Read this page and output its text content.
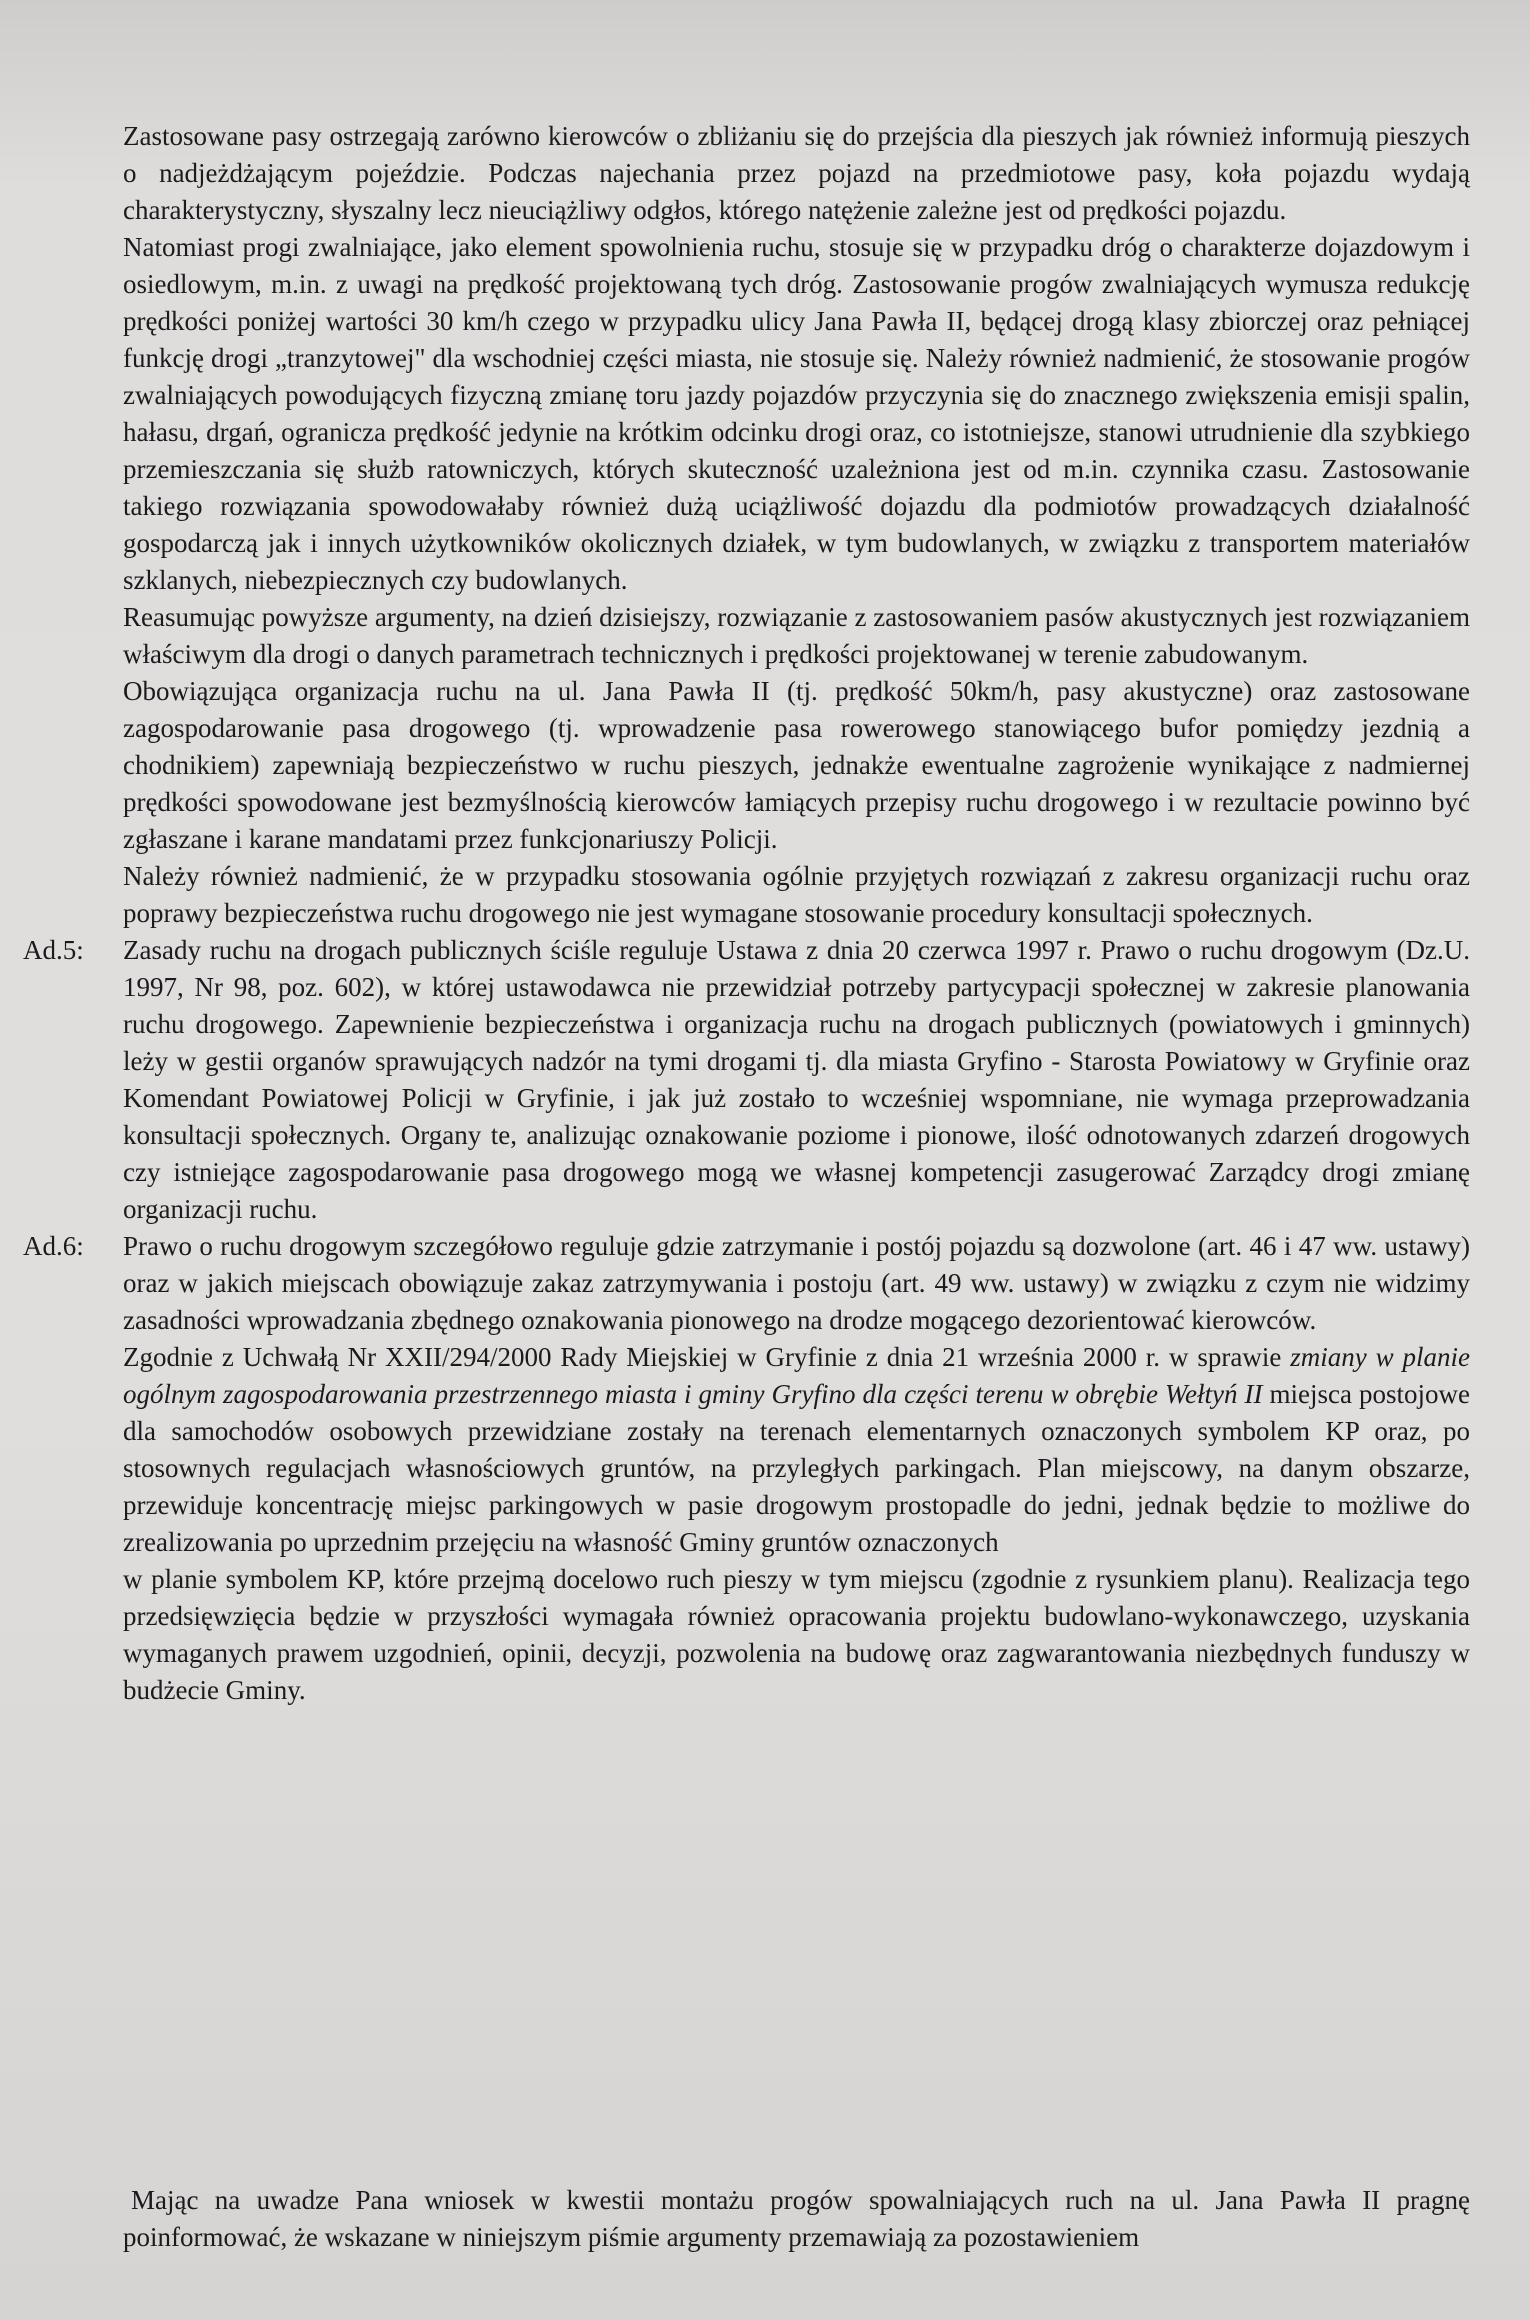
Zastosowane pasy ostrzegają zarówno kierowców o zbliżaniu się do przejścia dla pieszych jak również informują pieszych o nadjeżdżającym pojeździe. Podczas najechania przez pojazd na przedmiotowe pasy, koła pojazdu wydają charakterystyczny, słyszalny lecz nieuciążliwy odgłos, którego natężenie zależne jest od prędkości pojazdu.

Natomiast progi zwalniające, jako element spowolnienia ruchu, stosuje się w przypadku dróg o charakterze dojazdowym i osiedlowym, m.in. z uwagi na prędkość projektowaną tych dróg. Zastosowanie progów zwalniających wymusza redukcję prędkości poniżej wartości 30 km/h czego w przypadku ulicy Jana Pawła II, będącej drogą klasy zbiorczej oraz pełniącej funkcję drogi „tranzytowej" dla wschodniej części miasta, nie stosuje się. Należy również nadmienić, że stosowanie progów zwalniających powodujących fizyczną zmianę toru jazdy pojazdów przyczynia się do znacznego zwiększenia emisji spalin, hałasu, drgań, ogranicza prędkość jedynie na krótkim odcinku drogi oraz, co istotniejsze, stanowi utrudnienie dla szybkiego przemieszczania się służb ratowniczych, których skuteczność uzależniona jest od m.in. czynnika czasu. Zastosowanie takiego rozwiązania spowodowałaby również dużą uciążliwość dojazdu dla podmiotów prowadzących działalność gospodarczą jak i innych użytkowników okolicznych działek, w tym budowlanych, w związku z transportem materiałów szklanych, niebezpiecznych czy budowlanych.

Reasumując powyższe argumenty, na dzień dzisiejszy, rozwiązanie z zastosowaniem pasów akustycznych jest rozwiązaniem właściwym dla drogi o danych parametrach technicznych i prędkości projektowanej w terenie zabudowanym.

Obowiązująca organizacja ruchu na ul. Jana Pawła II (tj. prędkość 50km/h, pasy akustyczne) oraz zastosowane zagospodarowanie pasa drogowego (tj. wprowadzenie pasa rowerowego stanowiącego bufor pomiędzy jezdnią a chodnikiem) zapewniają bezpieczeństwo w ruchu pieszych, jednakże ewentualne zagrożenie wynikające z nadmiernej prędkości spowodowane jest bezmyślnością kierowców łamiących przepisy ruchu drogowego i w rezultacie powinno być zgłaszane i karane mandatami przez funkcjonariuszy Policji.

Należy również nadmienić, że w przypadku stosowania ogólnie przyjętych rozwiązań z zakresu organizacji ruchu oraz poprawy bezpieczeństwa ruchu drogowego nie jest wymagane stosowanie procedury konsultacji społecznych.

Ad.5: Zasady ruchu na drogach publicznych ściśle reguluje Ustawa z dnia 20 czerwca 1997 r. Prawo o ruchu drogowym (Dz.U. 1997, Nr 98, poz. 602), w której ustawodawca nie przewidział potrzeby partycypacji społecznej w zakresie planowania ruchu drogowego. Zapewnienie bezpieczeństwa i organizacja ruchu na drogach publicznych (powiatowych i gminnych) leży w gestii organów sprawujących nadzór na tymi drogami tj. dla miasta Gryfino - Starosta Powiatowy w Gryfinie oraz Komendant Powiatowej Policji w Gryfinie, i jak już zostało to wcześniej wspomniane, nie wymaga przeprowadzania konsultacji społecznych. Organy te, analizując oznakowanie poziome i pionowe, ilość odnotowanych zdarzeń drogowych czy istniejące zagospodarowanie pasa drogowego mogą we własnej kompetencji zasugerować Zarządcy drogi zmianę organizacji ruchu.

Ad.6: Prawo o ruchu drogowym szczegółowo reguluje gdzie zatrzymanie i postój pojazdu są dozwolone (art. 46 i 47 ww. ustawy) oraz w jakich miejscach obowiązuje zakaz zatrzymywania i postoju (art. 49 ww. ustawy) w związku z czym nie widzimy zasadności wprowadzania zbędnego oznakowania pionowego na drodze mogącego dezorientować kierowców.

Zgodnie z Uchwałą Nr XXII/294/2000 Rady Miejskiej w Gryfinie z dnia 21 września 2000 r. w sprawie zmiany w planie ogólnym zagospodarowania przestrzennego miasta i gminy Gryfino dla części terenu w obrębie Wełtyń II miejsca postojowe dla samochodów osobowych przewidziane zostały na terenach elementarnych oznaczonych symbolem KP oraz, po stosownych regulacjach własnościowych gruntów, na przyległych parkingach. Plan miejscowy, na danym obszarze, przewiduje koncentrację miejsc parkingowych w pasie drogowym prostopadle do jedni, jednak będzie to możliwe do zrealizowania po uprzednim przejęciu na własność Gminy gruntów oznaczonych

w planie symbolem KP, które przejmą docelowo ruch pieszy w tym miejscu (zgodnie z rysunkiem planu). Realizacja tego przedsięwzięcia będzie w przyszłości wymagała również opracowania projektu budowlano-wykonawczego, uzyskania wymaganych prawem uzgodnień, opinii, decyzji, pozwolenia na budowę oraz zagwarantowania niezbędnych funduszy w budżecie Gminy.

Mając na uwadze Pana wniosek w kwestii montażu progów spowalniających ruch na ul. Jana Pawła II pragnę poinformować, że wskazane w niniejszym piśmie argumenty przemawiają za pozostawieniem
